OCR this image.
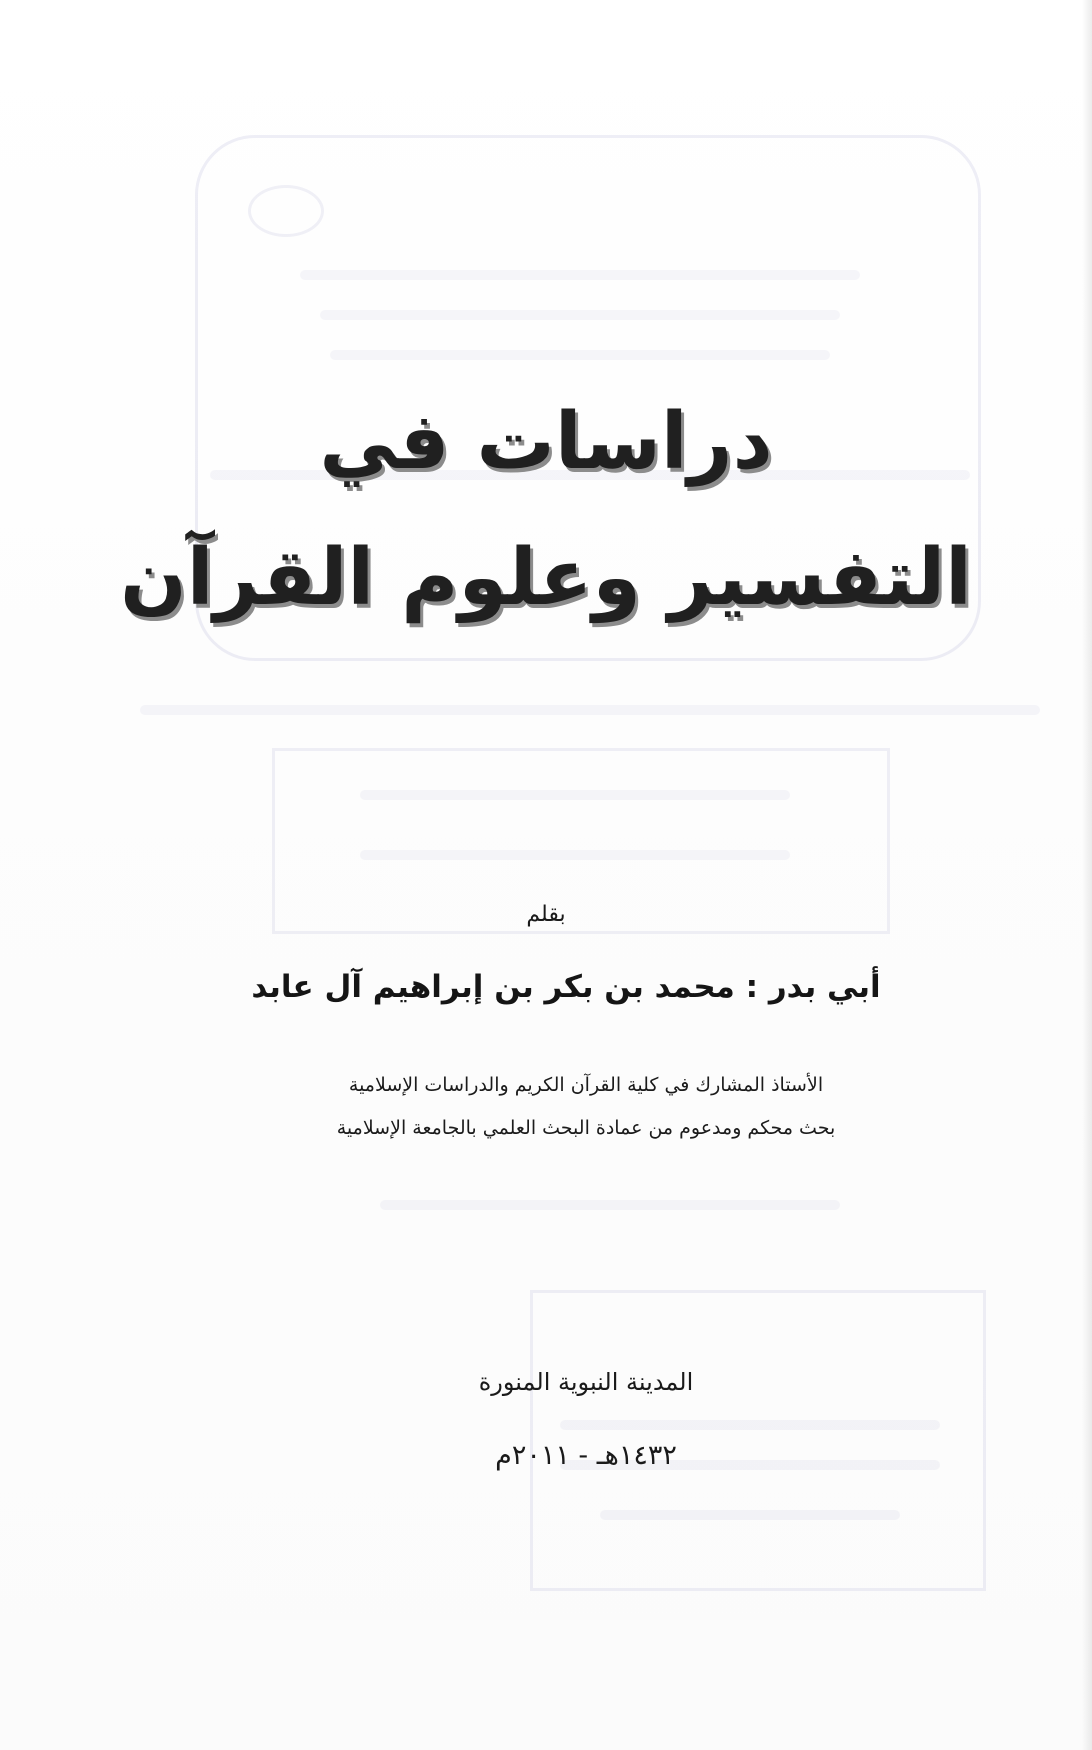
دراسات في
التفسير وعلوم القرآن
بقلم
أبي بدر : محمد بن بكر بن إبراهيم آل عابد
الأستاذ المشارك في كلية القرآن الكريم والدراسات الإسلامية
بحث محكم ومدعوم من عمادة البحث العلمي بالجامعة الإسلامية
المدينة النبوية المنورة
١٤٣٢هـ - ٢٠١١م
